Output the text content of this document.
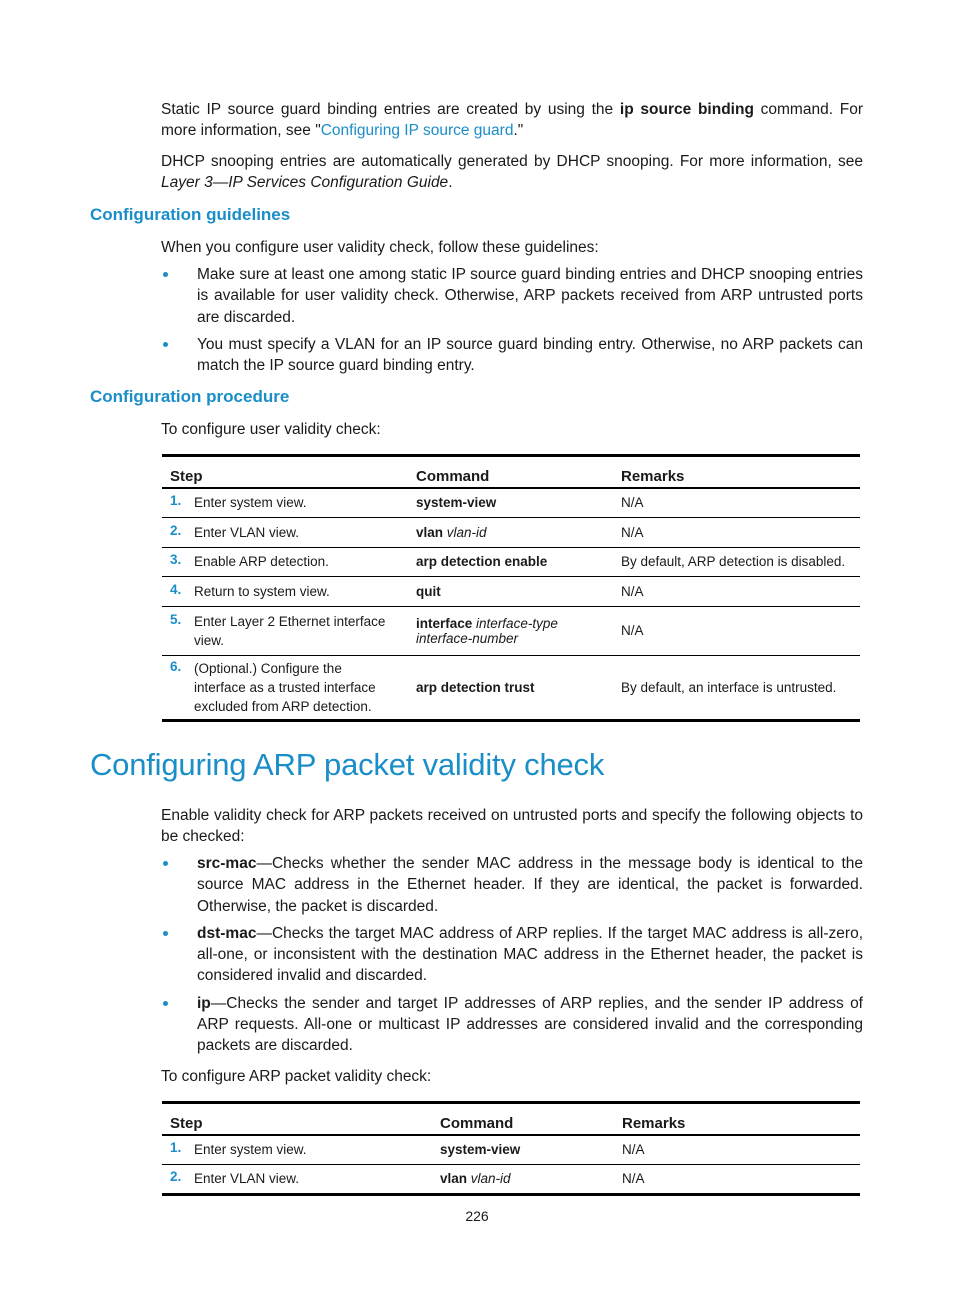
Static IP source guard binding entries are created by using the ip source binding command. For more information, see "Configuring IP source guard."

DHCP snooping entries are automatically generated by DHCP snooping. For more information, see Layer 3—IP Services Configuration Guide.

Configuration guidelines

When you configure user validity check, follow these guidelines:

Make sure at least one among static IP source guard binding entries and DHCP snooping entries is available for user validity check. Otherwise, ARP packets received from ARP untrusted ports are discarded.
You must specify a VLAN for an IP source guard binding entry. Otherwise, no ARP packets can match the IP source guard binding entry.
Configuration procedure

To configure user validity check:

Step	Command	Remarks
1. Enter system view.	system-view	N/A
2. Enter VLAN view.	vlan vlan-id	N/A
3. Enable ARP detection.	arp detection enable	By default, ARP detection is disabled.
4. Return to system view.	quit	N/A
5. Enter Layer 2 Ethernet interface view.	interface interface-type interface-number	N/A
6. (Optional.) Configure the interface as a trusted interface excluded from ARP detection.	arp detection trust	By default, an interface is untrusted.
Configuring ARP packet validity check

Enable validity check for ARP packets received on untrusted ports and specify the following objects to be checked:

src-mac—Checks whether the sender MAC address in the message body is identical to the source MAC address in the Ethernet header. If they are identical, the packet is forwarded. Otherwise, the packet is discarded.
dst-mac—Checks the target MAC address of ARP replies. If the target MAC address is all-zero, all-one, or inconsistent with the destination MAC address in the Ethernet header, the packet is considered invalid and discarded.
ip—Checks the sender and target IP addresses of ARP replies, and the sender IP address of ARP requests. All-one or multicast IP addresses are considered invalid and the corresponding packets are discarded.

To configure ARP packet validity check:

Step	Command	Remarks
1. Enter system view.	system-view	N/A
2. Enter VLAN view.	vlan vlan-id	N/A
226
